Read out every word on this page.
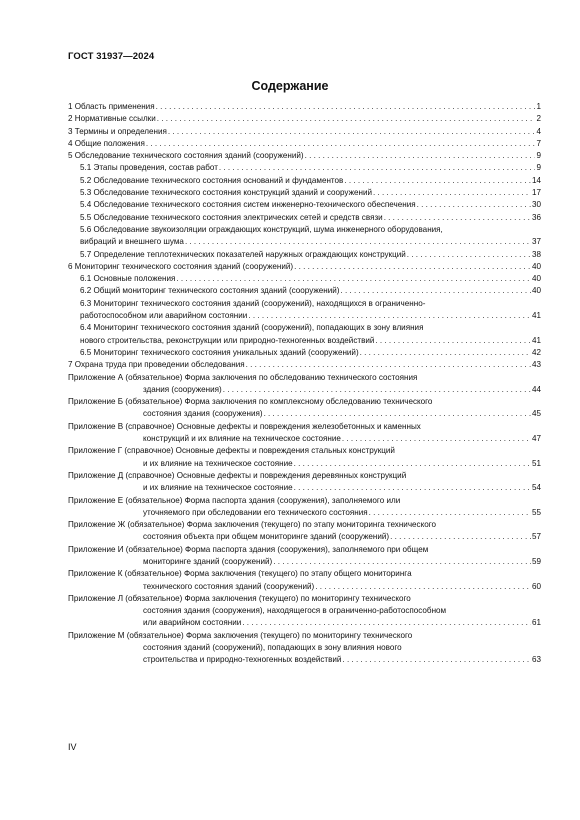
ГОСТ 31937—2024
Содержание
1 Область применения . . .	1
2 Нормативные ссылки . . .	2
3 Термины и определения . . .	4
4 Общие положения . . .	7
5 Обследование технического состояния зданий (сооружений) . . .	9
5.1 Этапы проведения, состав работ . . .	9
5.2 Обследование технического состояния оснований и фундаментов . . .	14
5.3 Обследование технического состояния конструкций зданий и сооружений . . .	17
5.4 Обследование технического состояния систем инженерно-технического обеспечения . . .	30
5.5 Обследование технического состояния электрических сетей и средств связи . . .	36
5.6 Обследование звукоизоляции ограждающих конструкций, шума инженерного оборудования,
вибраций и внешнего шума . . .	37
5.7 Определение теплотехнических показателей наружных ограждающих конструкций . . .	38
6 Мониторинг технического состояния зданий (сооружений) . . .	40
6.1 Основные положения . . .	40
6.2 Общий мониторинг технического состояния зданий (сооружений) . . .	40
6.3 Мониторинг технического состояния зданий (сооружений), находящихся в ограниченно-
работоспособном или аварийном состоянии . . .	41
6.4 Мониторинг технического состояния зданий (сооружений), попадающих в зону влияния
нового строительства, реконструкции или природно-техногенных воздействий . . .	41
6.5 Мониторинг технического состояния уникальных зданий (сооружений) . . .	42
7 Охрана труда при проведении обследования . . .	43
Приложение А (обязательное) Форма заключения по обследованию технического состояния
здания (сооружения) . . .	44
Приложение Б (обязательное) Форма заключения по комплексному обследованию технического
состояния здания (сооружения) . . .	45
Приложение В (справочное) Основные дефекты и повреждения железобетонных и каменных
конструкций и их влияние на техническое состояние . . .	47
Приложение Г (справочное) Основные дефекты и повреждения стальных конструкций
и их влияние на техническое состояние . . .	51
Приложение Д (справочное) Основные дефекты и повреждения деревянных конструкций
и их влияние на техническое состояние . . .	54
Приложение Е (обязательное) Форма паспорта здания (сооружения), заполняемого или
уточняемого при обследовании его технического состояния . . .	55
Приложение Ж (обязательное) Форма заключения (текущего) по этапу мониторинга технического
состояния объекта при общем мониторинге зданий (сооружений) . . .	57
Приложение И (обязательное) Форма паспорта здания (сооружения), заполняемого при общем
мониторинге зданий (сооружений) . . .	59
Приложение К (обязательное) Форма заключения (текущего) по этапу общего мониторинга
технического состояния зданий (сооружений) . . .	60
Приложение Л (обязательное) Форма заключения (текущего) по мониторингу технического
состояния здания (сооружения), находящегося в ограниченно-работоспособном
или аварийном состоянии . . .	61
Приложение М (обязательное) Форма заключения (текущего) по мониторингу технического
состояния зданий (сооружений), попадающих в зону влияния нового
строительства и природно-техногенных воздействий . . .	63
IV
